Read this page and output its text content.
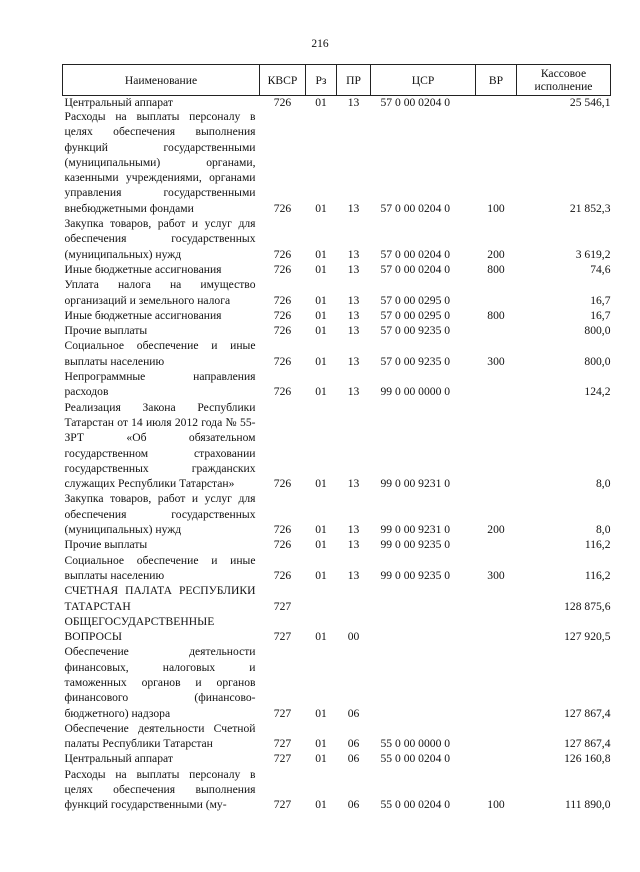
216
Наименование	КВСР	Рз	ПР	ЦСР	ВР	Кассовое исполнение
Центральный аппарат	726	01	13	57 0 00 0204 0		25 546,1
Расходы на выплаты персоналу в целях обеспечения выполнения функций государственными (муниципальными) органами, казенными учреждениями, органами управления государственными внебюджетными фондами	726	01	13	57 0 00 0204 0	100	21 852,3
Закупка товаров, работ и услуг для обеспечения государственных (муниципальных) нужд	726	01	13	57 0 00 0204 0	200	3 619,2
Иные бюджетные ассигнования	726	01	13	57 0 00 0204 0	800	74,6
Уплата налога на имущество организаций и земельного налога	726	01	13	57 0 00 0295 0		16,7
Иные бюджетные ассигнования	726	01	13	57 0 00 0295 0	800	16,7
Прочие выплаты	726	01	13	57 0 00 9235 0		800,0
Социальное обеспечение и иные выплаты населению	726	01	13	57 0 00 9235 0	300	800,0
Непрограммные направления расходов	726	01	13	99 0 00 0000 0		124,2
Реализация Закона Республики Татарстан от 14 июля 2012 года № 55-ЗРТ «Об обязательном государственном страховании государственных гражданских служащих Республики Татарстан»	726	01	13	99 0 00 9231 0		8,0
Закупка товаров, работ и услуг для обеспечения государственных (муниципальных) нужд	726	01	13	99 0 00 9231 0	200	8,0
Прочие выплаты	726	01	13	99 0 00 9235 0		116,2
Социальное обеспечение и иные выплаты населению	726	01	13	99 0 00 9235 0	300	116,2
СЧЕТНАЯ ПАЛАТА РЕСПУБЛИКИ ТАТАРСТАН	727					128 875,6
ОБЩЕГОСУДАРСТВЕННЫЕ ВОПРОСЫ	727	01	00			127 920,5
Обеспечение деятельности финансовых, налоговых и таможенных органов и органов финансового (финансово-бюджетного) надзора	727	01	06			127 867,4
Обеспечение деятельности Счетной палаты Республики Татарстан	727	01	06	55 0 00 0000 0		127 867,4
Центральный аппарат	727	01	06	55 0 00 0204 0		126 160,8
Расходы на выплаты персоналу в целях обеспечения выполнения функций государственными (му-	727	01	06	55 0 00 0204 0	100	111 890,0
